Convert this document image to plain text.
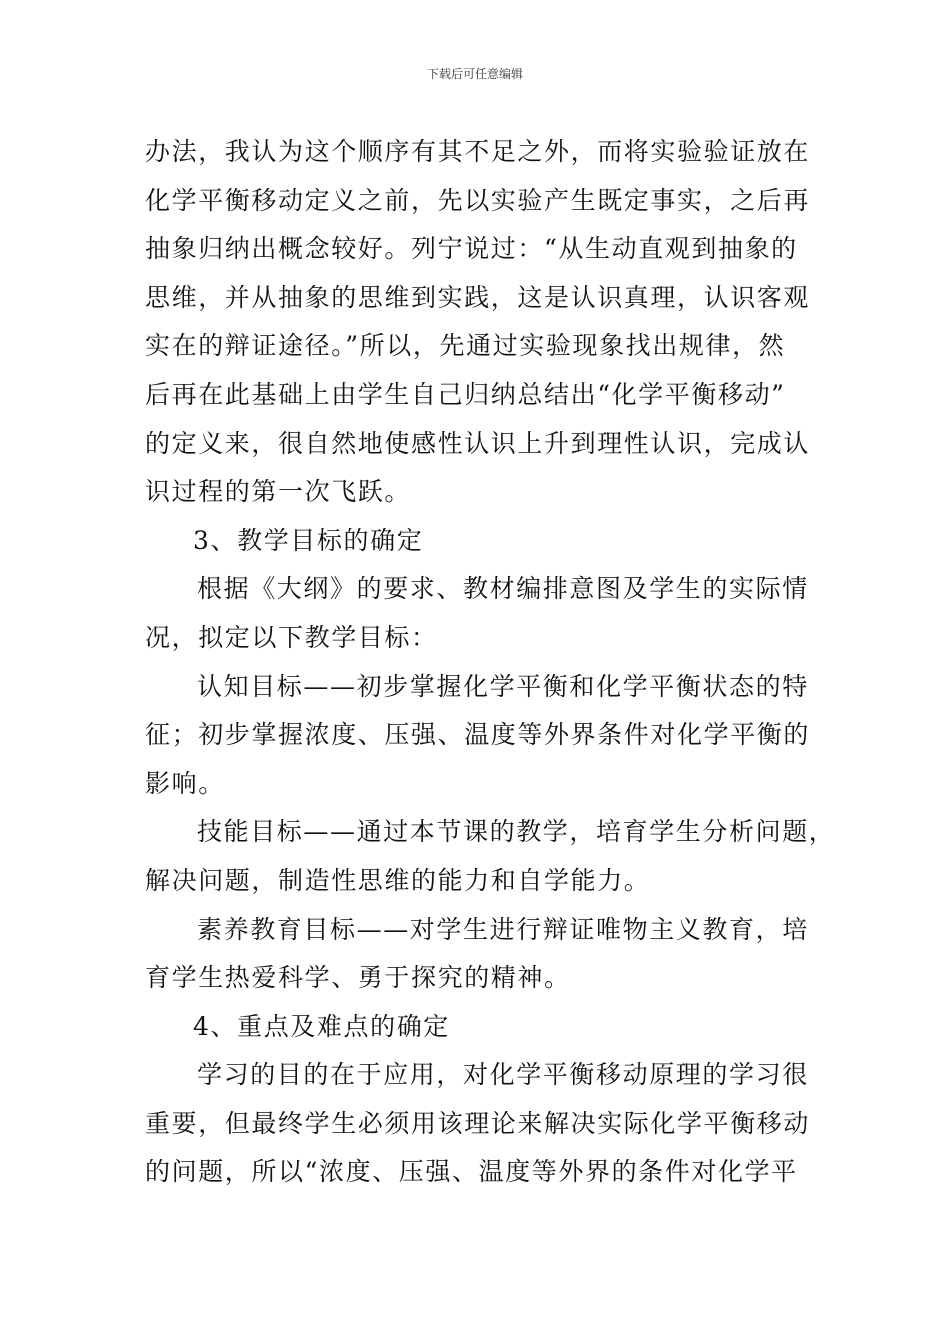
下载后可任意编辑
办法，我认为这个顺序有其不足之外，而将实验验证放在
化学平衡移动定义之前，先以实验产生既定事实，之后再
抽象归纳出概念较好。列宁说过：“从生动直观到抽象的
思维，并从抽象的思维到实践，这是认识真理，认识客观
实在的辩证途径。”所以，先通过实验现象找出规律，然
后再在此基础上由学生自己归纳总结出“化学平衡移动”
的定义来，很自然地使感性认识上升到理性认识，完成认
识过程的第一次飞跃。
3、教学目标的确定
根据《大纲》的要求、教材编排意图及学生的实际情
况，拟定以下教学目标：
认知目标——初步掌握化学平衡和化学平衡状态的特
征；初步掌握浓度、压强、温度等外界条件对化学平衡的
影响。
技能目标——通过本节课的教学，培育学生分析问题，
解决问题，制造性思维的能力和自学能力。
素养教育目标——对学生进行辩证唯物主义教育，培
育学生热爱科学、勇于探究的精神。
4、重点及难点的确定
学习的目的在于应用，对化学平衡移动原理的学习很
重要，但最终学生必须用该理论来解决实际化学平衡移动
的问题，所以“浓度、压强、温度等外界的条件对化学平
